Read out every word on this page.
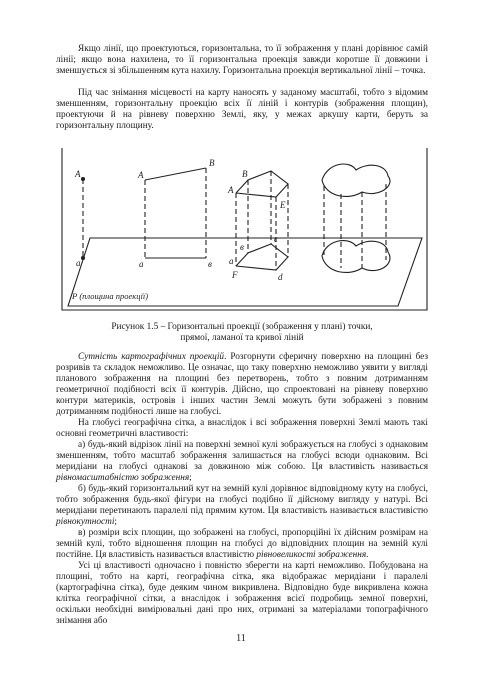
Якщо лінії, що проектуються, горизонтальна, то її зображення у плані дорівнює самій лінії; якщо вона нахилена, то її горизонтальна проекція завжди коротше її довжини і зменшується зі збільшенням кута нахилу. Горизонтальна проекція вертикальної лінії – точка.

Під час знімання місцевості на карту наносять у заданому масштабі, тобто з відомим зменшенням, горизонтальну проекцію всіх її ліній і контурів (зображення площин), проектуючи й на рівневу поверхню Землі, яку, у межах аркушу карти, беруть за горизонтальну площину.

А
а
А
В
а	в
А
В
Е
а
в
с
d
F
Р (площина проекції)

Рисунок 1.5 – Горизонтальні проекції (зображення у плані) точки,
прямої, ламаної та кривої ліній

Сутність картографічних проекцій. Розгорнути сферичну поверхню на площині без розривів та складок неможливо. Це означає, що таку поверхню неможливо уявити у вигляді планового зображення на площині без перетворень, тобто з повним дотриманням геометричної подібності всіх її контурів. Дійсно, що спроектовані на рівневу поверхню контури материків, островів і інших частин Землі можуть бути зображені з повним дотриманням подібності лише на глобусі.

На глобусі географічна сітка, а внаслідок і всі зображення поверхні Землі мають такі основні геометричні властивості:

а) будь-який відрізок лінії на поверхні земної кулі зображується на глобусі з однаковим зменшенням, тобто масштаб зображення залишається на глобусі всюди однаковим. Всі меридіани на глобусі однакові за довжиною між собою. Ця властивість називається рівномасштабністю зображення;

б) будь-який горизонтальний кут на земній кулі дорівнює відповідному куту на глобусі, тобто зображення будь-якої фігури на глобусі подібно її дійсному вигляду у натурі. Всі меридіани перетинають паралелі під прямим кутом. Ця властивість називається властивістю рівнокутності;

в) розміри всіх площин, що зображені на глобусі, пропорційні їх дійсним розмірам на земній кулі, тобто відношення площин на глобусі до відповідних площин на земній кулі постійне. Ця властивість називається властивістю рівновеликості зображення.

Усі ці властивості одночасно і повністю зберегти на карті неможливо. Побудована на площині, тобто на карті, географічна сітка, яка відображає меридіани і паралелі (картографічна сітка), буде деяким чином викривлена. Відповідно буде викривлена кожна клітка географічної сітки, а внаслідок і зображення всієї подробиць земної поверхні, оскільки необхідні вимірювальні дані про них, отримані за матеріалами топографічного знімання або

11
